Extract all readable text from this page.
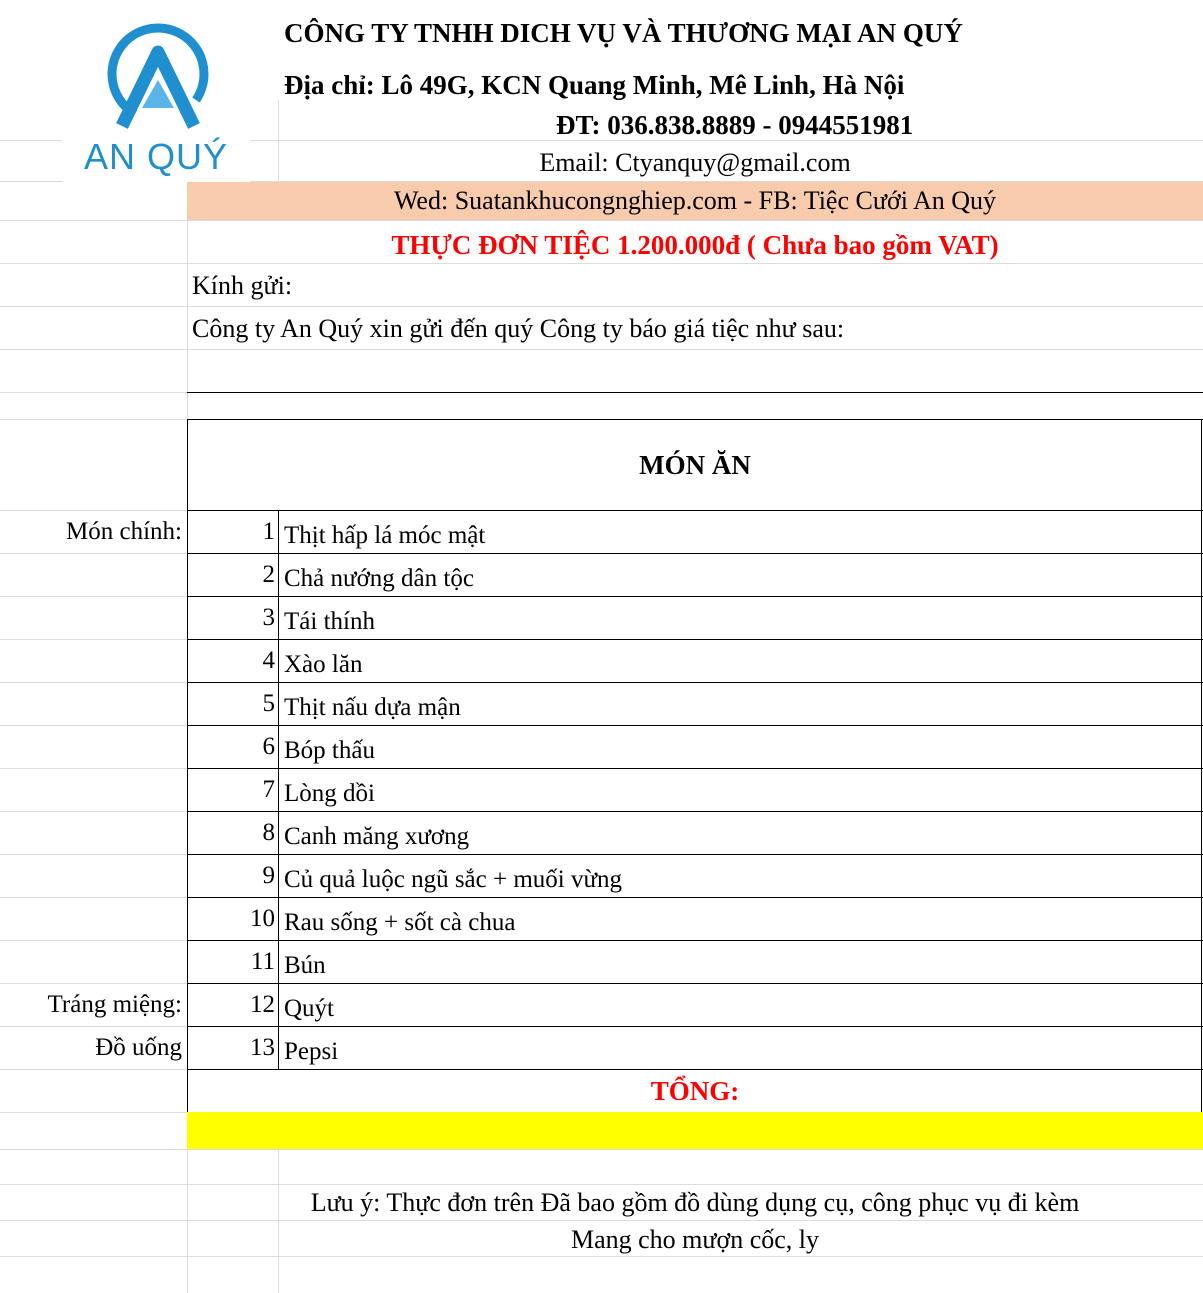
AN QUÝ
CÔNG TY TNHH DICH VỤ VÀ THƯƠNG MẠI AN QUÝ
Địa chỉ: Lô 49G, KCN Quang Minh, Mê Linh, Hà Nội
ĐT: 036.838.8889 - 0944551981
Email: Ctyanquy@gmail.com
Wed: Suatankhucongnghiep.com - FB: Tiệc Cưới An Quý
THỰC ĐƠN TIỆC 1.200.000đ ( Chưa bao gồm VAT)
Kính gửi:
Công ty An Quý xin gửi đến quý Công ty báo giá tiệc như sau:
MÓN ĂN
Món chính:
Tráng miệng:
Đồ uống
1 Thịt hấp lá móc mật
2 Chả nướng dân tộc
3 Tái thính
4 Xào lăn
5 Thịt nấu dựa mận
6 Bóp thấu
7 Lòng dồi
8 Canh măng xương
9 Củ quả luộc ngũ sắc + muối vừng
10 Rau sống + sốt cà chua
11 Bún
12 Quýt
13 Pepsi
TỔNG:
Lưu ý: Thực đơn trên Đã bao gồm đồ dùng dụng cụ, công phục vụ đi kèm
Mang cho mượn cốc, ly
